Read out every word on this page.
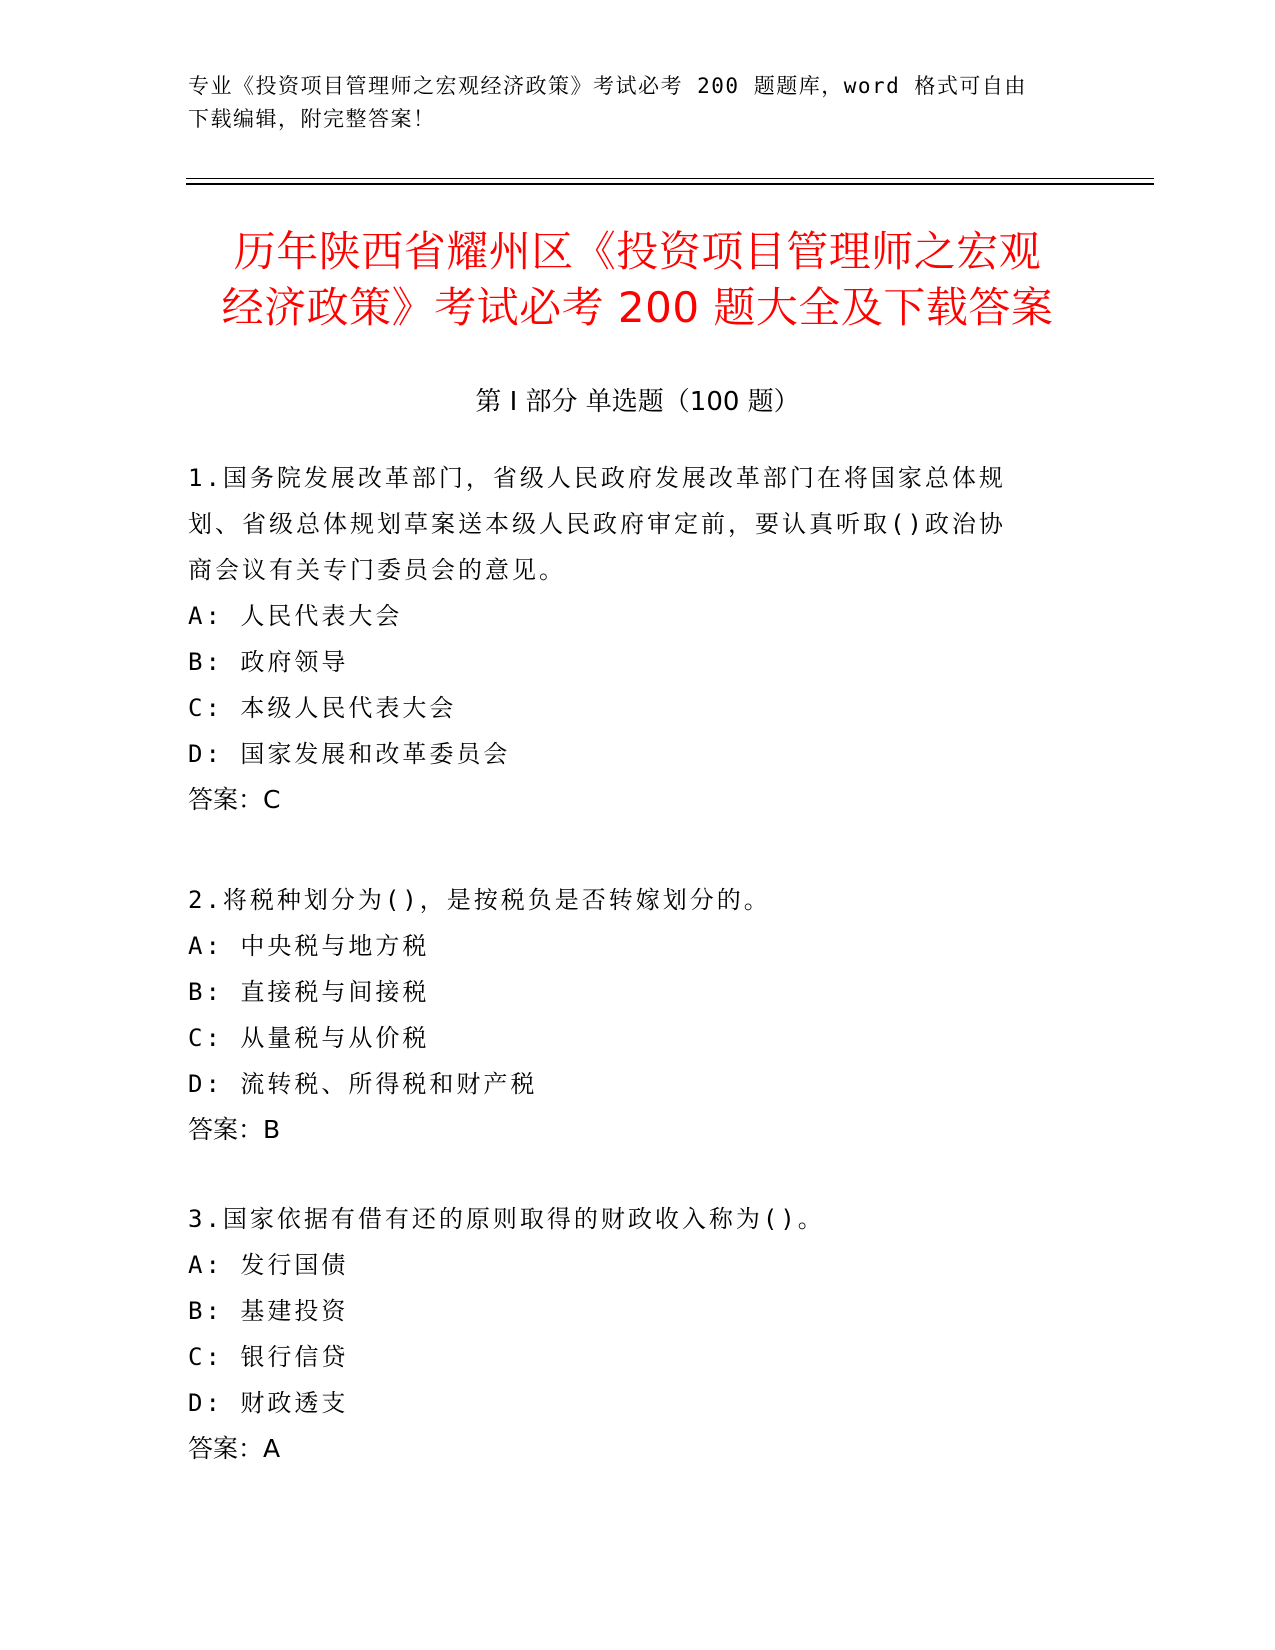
专业《投资项目管理师之宏观经济政策》考试必考 200 题题库，word 格式可自由
下载编辑，附完整答案！
历年陕西省耀州区《投资项目管理师之宏观
经济政策》考试必考 200 题大全及下载答案
第 I 部分 单选题（100 题）
1.国务院发展改革部门，省级人民政府发展改革部门在将国家总体规
划、省级总体规划草案送本级人民政府审定前，要认真听取()政治协
商会议有关专门委员会的意见。
A: 人民代表大会
B: 政府领导
C: 本级人民代表大会
D: 国家发展和改革委员会
答案：C
2.将税种划分为()，是按税负是否转嫁划分的。
A: 中央税与地方税
B: 直接税与间接税
C: 从量税与从价税
D: 流转税、所得税和财产税
答案：B
3.国家依据有借有还的原则取得的财政收入称为()。
A: 发行国债
B: 基建投资
C: 银行信贷
D: 财政透支
答案：A
